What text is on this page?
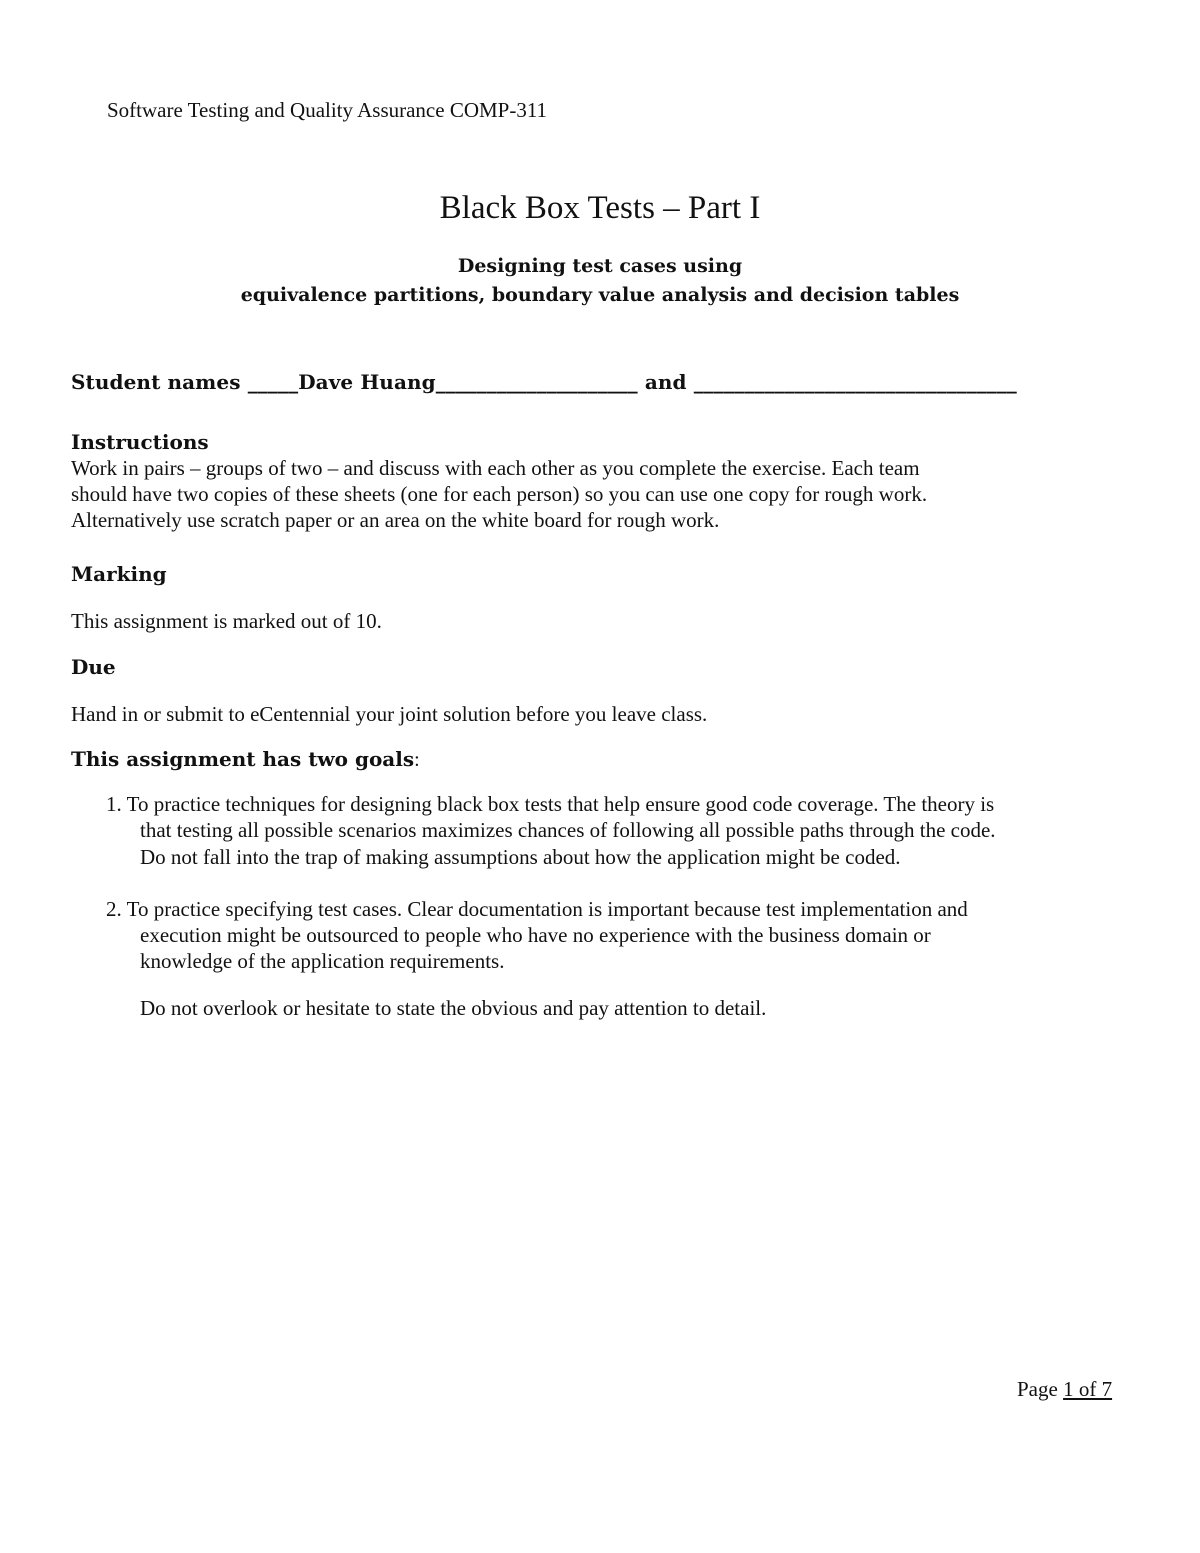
Software Testing and Quality Assurance COMP-311
Black Box Tests – Part I
Designing test cases using
equivalence partitions, boundary value analysis and decision tables
Student names _____Dave Huang____________________ and ________________________________
Instructions
Work in pairs – groups of two – and discuss with each other as you complete the exercise. Each team
should have two copies of these sheets (one for each person) so you can use one copy for rough work.
Alternatively use scratch paper or an area on the white board for rough work.
Marking
This assignment is marked out of 10.
Due
Hand in or submit to eCentennial your joint solution before you leave class.
This assignment has two goals:
1. To practice techniques for designing black box tests that help ensure good code coverage. The theory is
that testing all possible scenarios maximizes chances of following all possible paths through the code.
Do not fall into the trap of making assumptions about how the application might be coded.
2. To practice specifying test cases. Clear documentation is important because test implementation and
execution might be outsourced to people who have no experience with the business domain or
knowledge of the application requirements.
Do not overlook or hesitate to state the obvious and pay attention to detail.
Page 1 of 7
